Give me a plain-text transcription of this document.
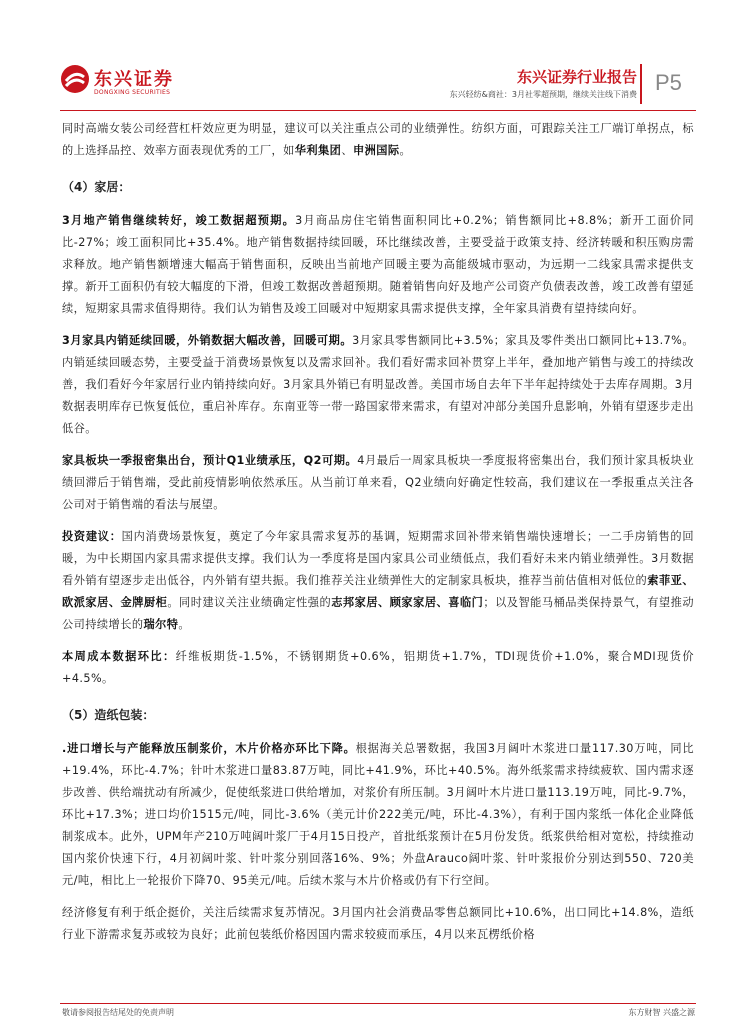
东兴证券
DONGXING SECURITIES
东兴证券行业报告
东兴轻纺&商社：3月社零超预期，继续关注线下消费 P5

同时高端女装公司经营杠杆效应更为明显，建议可以关注重点公司的业绩弹性。纺织方面，可跟踪关注工厂端订单拐点，标的上选择品控、效率方面表现优秀的工厂，如华利集团、申洲国际。

（4）家居：

3月地产销售继续转好，竣工数据超预期。3月商品房住宅销售面积同比+0.2%；销售额同比+8.8%；新开工面价同比-27%；竣工面积同比+35.4%。地产销售数据持续回暖，环比继续改善，主要受益于政策支持、经济转暖和积压购房需求释放。地产销售额增速大幅高于销售面积，反映出当前地产回暖主要为高能级城市驱动，为远期一二线家具需求提供支撑。新开工面积仍有较大幅度的下滑，但竣工数据改善超预期。随着销售向好及地产公司资产负债表改善，竣工改善有望延续，短期家具需求值得期待。我们认为销售及竣工回暖对中短期家具需求提供支撑，全年家具消费有望持续向好。

3月家具内销延续回暖，外销数据大幅改善，回暖可期。3月家具零售额同比+3.5%；家具及零件类出口额同比+13.7%。内销延续回暖态势，主要受益于消费场景恢复以及需求回补。我们看好需求回补贯穿上半年，叠加地产销售与竣工的持续改善，我们看好今年家居行业内销持续向好。3月家具外销已有明显改善。美国市场自去年下半年起持续处于去库存周期。3月数据表明库存已恢复低位，重启补库存。东南亚等一带一路国家带来需求，有望对冲部分美国升息影响，外销有望逐步走出低谷。

家具板块一季报密集出台，预计Q1业绩承压，Q2可期。4月最后一周家具板块一季度报将密集出台，我们预计家具板块业绩回滞后于销售端，受此前疫情影响依然承压。从当前订单来看，Q2业绩向好确定性较高，我们建议在一季报重点关注各公司对于销售端的看法与展望。

投资建议：国内消费场景恢复，奠定了今年家具需求复苏的基调，短期需求回补带来销售端快速增长；一二手房销售的回暖，为中长期国内家具需求提供支撑。我们认为一季度将是国内家具公司业绩低点，我们看好未来内销业绩弹性。3月数据看外销有望逐步走出低谷，内外销有望共振。我们推荐关注业绩弹性大的定制家具板块，推荐当前估值相对低位的索菲亚、欧派家居、金牌厨柜。同时建议关注业绩确定性强的志邦家居、顾家家居、喜临门；以及智能马桶品类保持景气，有望推动公司持续增长的瑞尔特。

本周成本数据环比：纤维板期货-1.5%，不锈钢期货+0.6%，铝期货+1.7%，TDI现货价+1.0%，聚合MDI现货价+4.5%。

（5）造纸包装：

.进口增长与产能释放压制浆价，木片价格亦环比下降。根据海关总署数据，我国3月阔叶木浆进口量117.30万吨，同比+19.4%，环比-4.7%；针叶木浆进口量83.87万吨，同比+41.9%，环比+40.5%。海外纸浆需求持续疲软、国内需求逐步改善、供给端扰动有所减少，促使纸浆进口供给增加，对浆价有所压制。3月阔叶木片进口量113.19万吨，同比-9.7%，环比+17.3%；进口均价1515元/吨，同比-3.6%（美元计价222美元/吨，环比-4.3%），有利于国内浆纸一体化企业降低制浆成本。此外，UPM年产210万吨阔叶浆厂于4月15日投产，首批纸浆预计在5月份发货。纸浆供给相对宽松，持续推动国内浆价快速下行，4月初阔叶浆、针叶浆分别回落16%、9%；外盘Arauco阔叶浆、针叶浆报价分别达到550、720美元/吨，相比上一轮报价下降70、95美元/吨。后续木浆与木片价格或仍有下行空间。

经济修复有利于纸企挺价，关注后续需求复苏情况。3月国内社会消费品零售总额同比+10.6%，出口同比+14.8%，造纸行业下游需求复苏或较为良好；此前包装纸价格因国内需求较疲而承压，4月以来瓦楞纸价格

敬请参阅报告结尾处的免责声明	东方财智 兴盛之源
